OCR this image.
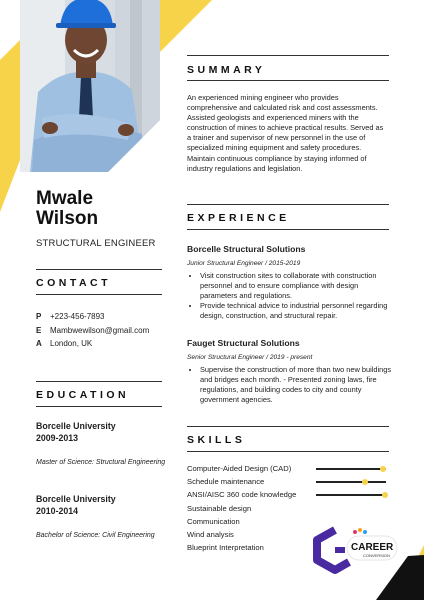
Mwale
Wilson

STRUCTURAL ENGINEER

CONTACT
P	+223-456-7893
E	Mambwewilson@gmail.com
A	London, UK
EDUCATION

Borcelle University

2009-2013

Master of Science: Structural Engineering

Borcelle University

2010-2014

Bachelor of Science: Civil Engineering

SUMMARY

An experienced mining engineer who provides comprehensive and calculated risk and cost assessments. Assisted geologists and experienced miners with the construction of mines to achieve practical results. Served as a trainer and supervisor of new personnel in the use of specialized mining equipment and safety procedures. Maintain continuous compliance by staying informed of industry regulations and legislation.

EXPERIENCE

Borcelle Structural Solutions

Junior Structural Engineer / 2015-2019

• Visit construction sites to collaborate with construction personnel and to ensure compliance with design parameters and regulations.
• Provide technical advice to industrial personnel regarding design, construction, and structural repair.

Fauget Structural Solutions

Senior Structural Engineer / 2019 - present

• Supervise the construction of more than two new buildings and bridges each month. - Presented zoning laws, fire regulations, and building codes to city and county government agencies.
SKILLS
Computer-Aided Design (CAD)
Schedule maintenance
ANSI/AISC 360 code knowledge
Sustainable design
Communication
Wind analysis
Blueprint Interpretation	CAREER
CONVERSION
